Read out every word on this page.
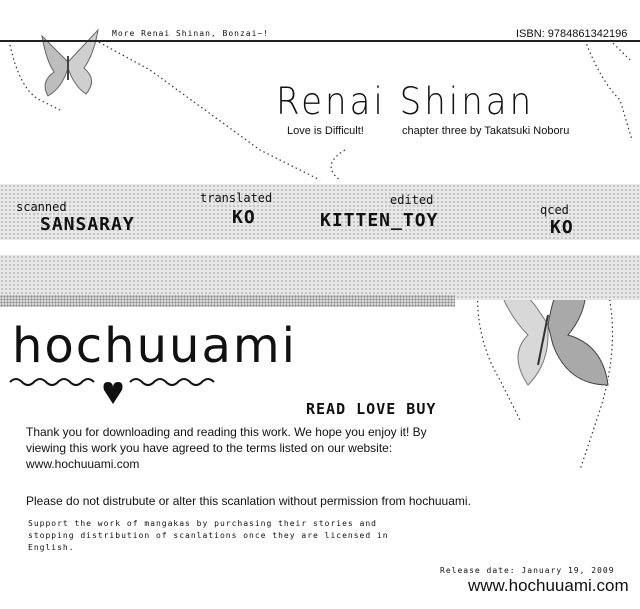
More Renai Shinan, Bonzai~!	ISBN: 9784861342196
Renai Shinan
Love is Difficult!	chapter three by Takatsuki Noboru
scanned
SANSARAY
translated
KO
edited
KITTEN_TOY	qced
KO
hochuuami
READ LOVE BUY
Thank you for downloading and reading this work. We hope you enjoy it! By viewing this work you have agreed to the terms listed on our website: www.hochuuami.com
Please do not distrubute or alter this scanlation without permission from hochuuami.
Support the work of mangakas by purchasing their stories and stopping distribution of scanlations once they are licensed in English.
Release date: January 19, 2009
www.hochuuami.com
